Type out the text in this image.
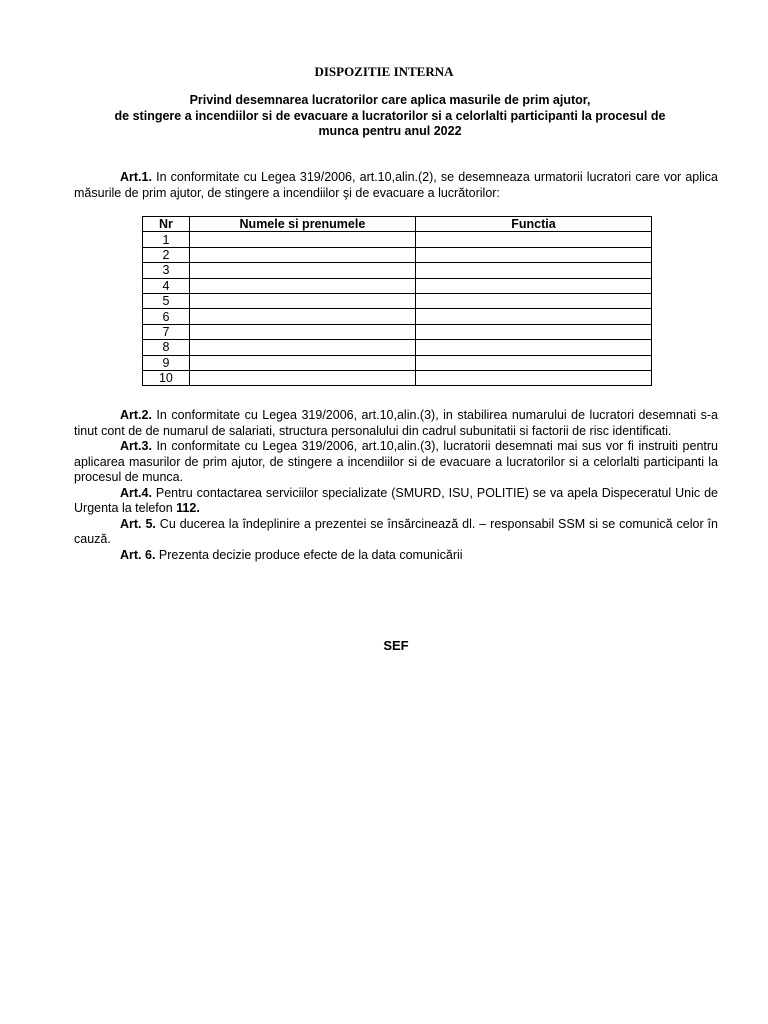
DISPOZITIE INTERNA
Privind desemnarea lucratorilor care aplica masurile de prim ajutor,
de stingere a incendiilor si de evacuare a lucratorilor si a celorlalti participanti la procesul de
munca pentru anul 2022

Art.1. In conformitate cu Legea 319/2006, art.10,alin.(2), se desemneaza urmatorii lucratori care vor aplica măsurile de prim ajutor, de stingere a incendiilor şi de evacuare a lucrătorilor:

Nr	Numele si prenumele	Functia
1		
2		
3		
4		
5		
6		
7		
8		
9		
10		

Art.2. In conformitate cu Legea 319/2006, art.10,alin.(3), in stabilirea numarului de lucratori desemnati s-a tinut cont de de numarul de salariati, structura personalului din cadrul subunitatii si factorii de risc identificati.

Art.3. In conformitate cu Legea 319/2006, art.10,alin.(3), lucratorii desemnati mai sus vor fi instruiti pentru aplicarea masurilor de prim ajutor, de stingere a incendiilor si de evacuare a lucratorilor si a celorlalti participanti la procesul de munca.

Art.4. Pentru contactarea serviciilor specializate (SMURD, ISU, POLITIE) se va apela Dispeceratul Unic de Urgenta la telefon 112.

Art. 5. Cu ducerea la îndeplinire a prezentei se însărcinează dl. – responsabil SSM si se comunică celor în cauză.

Art. 6. Prezenta decizie produce efecte de la data comunicării

SEF
